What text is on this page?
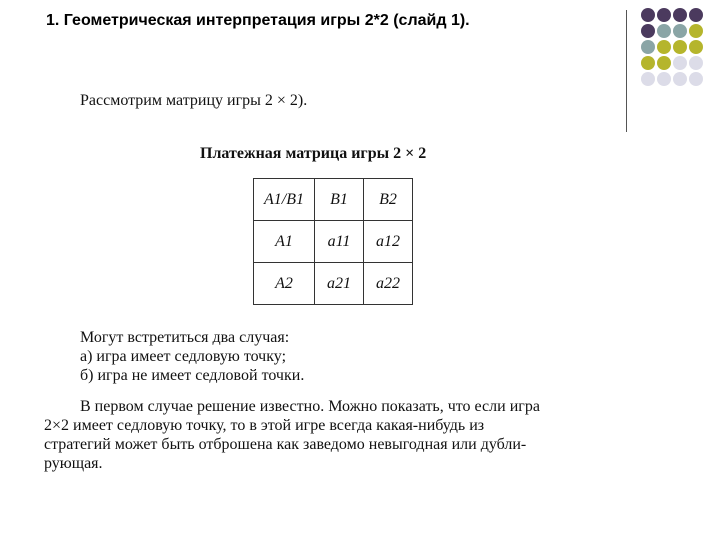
1. Геометрическая интерпретация игры 2*2 (слайд 1).
Рассмотрим матрицу игры 2 × 2).
Платежная матрица игры 2 × 2
A1/B1	B1	B2
A1	a11	a12
A2	a21	a22
Могут встретиться два случая:
а) игра имеет седловую точку;
б) игра не имеет седловой точки.
В первом случае решение известно. Можно показать, что если игра
2×2 имеет седловую точку, то в этой игре всегда какая-нибудь из
стратегий может быть отброшена как заведомо невыгодная или дубли-
рующая.
